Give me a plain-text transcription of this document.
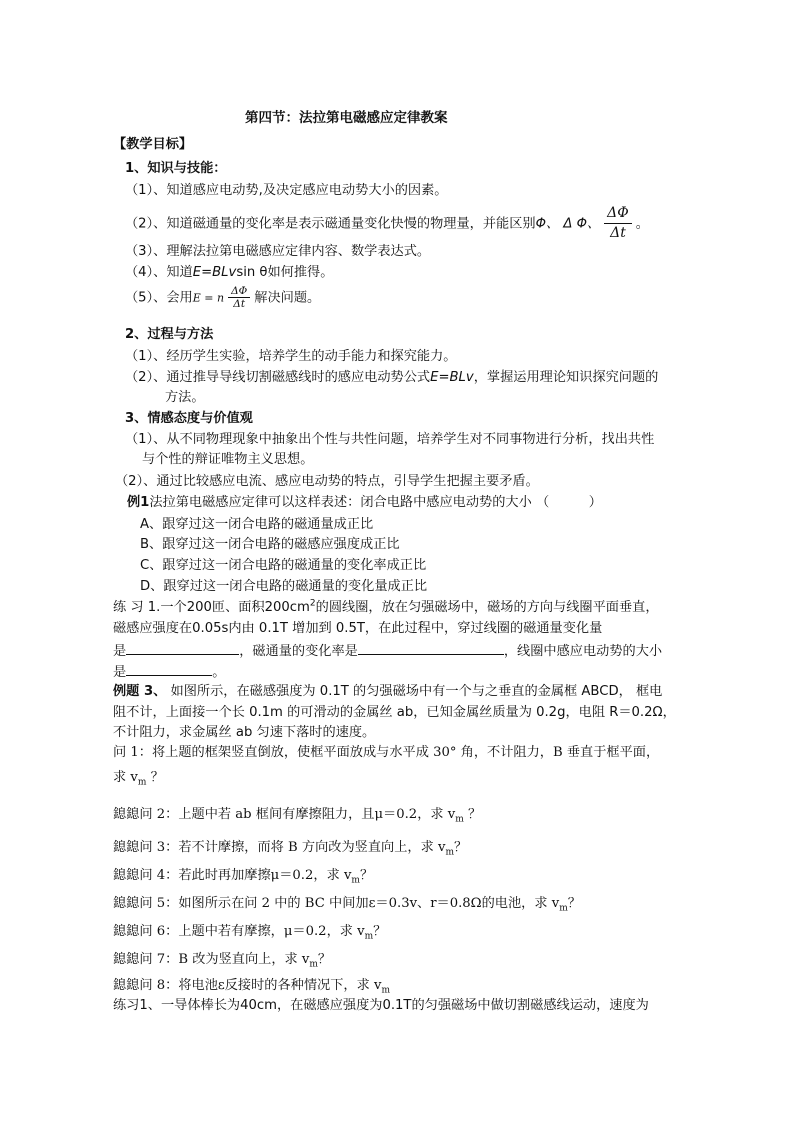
第四节：法拉第电磁感应定律教案
【教学目标】
1、知识与技能：
（1）、知道感应电动势,及决定感应电动势大小的因素。
（2）、知道磁通量的变化率是表示磁通量变化快慢的物理量，并能区别Φ、 Δ Φ、 $\frac{\Delta\Phi}{\Delta t}$ 。
（3）、理解法拉第电磁感应定律内容、数学表达式。
（4）、知道E=BLvsin θ如何推得。
（5）、会用E = n $\frac{\Delta\Phi}{\Delta t}$ 解决问题。
2、过程与方法
（1）、经历学生实验，培养学生的动手能力和探究能力。
（2）、通过推导导线切割磁感线时的感应电动势公式E=BLv，掌握运用理论知识探究问题的
方法。
3、情感态度与价值观
（1）、从不同物理现象中抽象出个性与共性问题，培养学生对不同事物进行分析，找出共性
与个性的辩证唯物主义思想。
（2）、通过比较感应电流、感应电动势的特点，引导学生把握主要矛盾。
例1法拉第电磁感应定律可以这样表述：闭合电路中感应电动势的大小 （　　　）
A、跟穿过这一闭合电路的磁通量成正比
B、跟穿过这一闭合电路的磁感应强度成正比
C、跟穿过这一闭合电路的磁通量的变化率成正比
D、跟穿过这一闭合电路的磁通量的变化量成正比
练 习 1.一个200匝、面积$200cm^2$的圆线圈，放在匀强磁场中，磁场的方向与线圈平面垂直，
磁感应强度在0.05s内由 0.1T 增加到 0.5T，在此过程中，穿过线圈的磁通量变化量
是	，磁通量的变化率是	，线圈中感应电动势的大小
是	。
例题 3、 如图所示，在磁感强度为 0.1T 的匀强磁场中有一个与之垂直的金属框 ABCD， 框电
阻不计，上面接一个长 0.1m 的可滑动的金属丝 ab，已知金属丝质量为 0.2g，电阻 R＝0.2Ω，
不计阻力，求金属丝 ab 匀速下落时的速度。
问 1：将上题的框架竖直倒放，使框平面放成与水平成 30° 角，不计阻力，B 垂直于框平面，
求 $v_m$ ？
鎴鎴问 2：上题中若 ab 框间有摩擦阻力，且μ＝0.2，求 $v_m$ ？
鎴鎴问 3：若不计摩擦，而将 B 方向改为竖直向上，求 $v_m$？
鎴鎴问 4：若此时再加摩擦μ＝0.2，求 $v_m$？
鎴鎴问 5：如图所示在问 2 中的 BC 中间加ε＝0.3v、r＝0.8Ω的电池，求 $v_m$？
鎴鎴问 6：上题中若有摩擦，μ＝0.2，求 $v_m$？
鎴鎴问 7：B 改为竖直向上，求 $v_m$？
鎴鎴问 8：将电池ε反接时的各种情况下，求 $v_m$
练习1、一导体棒长为40cm，在磁感应强度为0.1T的匀强磁场中做切割磁感线运动，速度为
